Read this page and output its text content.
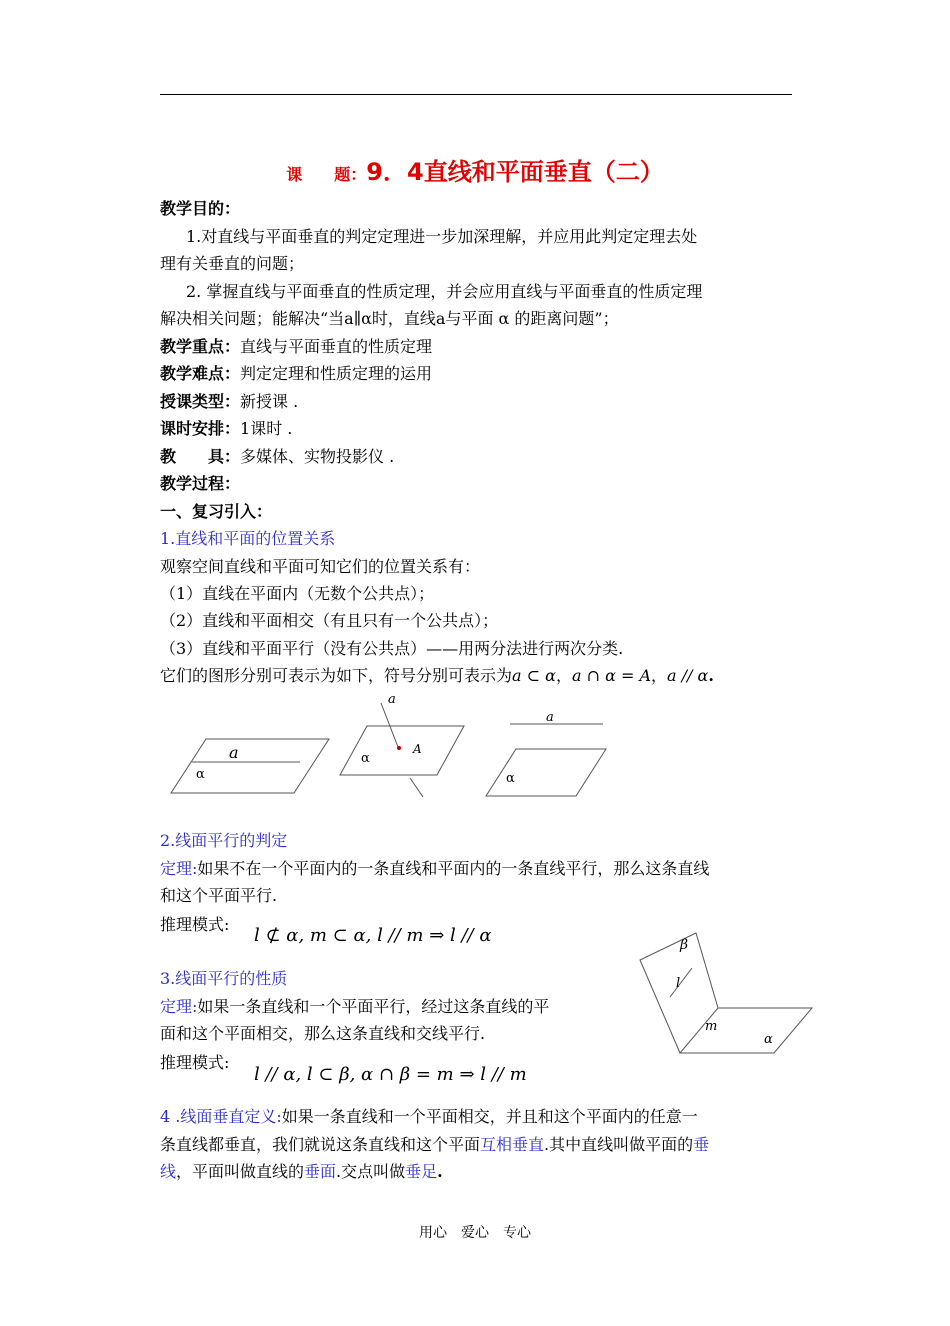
课　　题：9．4直线和平面垂直（二）
教学目的：
1.对直线与平面垂直的判定定理进一步加深理解，并应用此判定定理去处
理有关垂直的问题；
2. 掌握直线与平面垂直的性质定理，并会应用直线与平面垂直的性质定理
解决相关问题；能解决“当a∥α时，直线a与平面 α 的距离问题”；
教学重点：直线与平面垂直的性质定理
教学难点：判定定理和性质定理的运用
授课类型：新授课 .
课时安排：1课时 .
教　　具：多媒体、实物投影仪 .
教学过程：
一、复习引入：
1.直线和平面的位置关系
观察空间直线和平面可知它们的位置关系有：
（1）直线在平面内（无数个公共点）；
（2）直线和平面相交（有且只有一个公共点）；
（3）直线和平面平行（没有公共点）——用两分法进行两次分类.
它们的图形分别可表示为如下，符号分别可表示为a ⊂ α，a ∩ α = A，a // α.
a
α
a
α
A
a
α
β
l
m
α
2.线面平行的判定
定理:如果不在一个平面内的一条直线和平面内的一条直线平行，那么这条直线
和这个平面平行.
推理模式:
l ⊄ α, m ⊂ α, l // m ⇒ l // α
3.线面平行的性质
定理:如果一条直线和一个平面平行，经过这条直线的平
面和这个平面相交，那么这条直线和交线平行.
推理模式:
l // α, l ⊂ β, α ∩ β = m ⇒ l // m
4 .线面垂直定义:如果一条直线和一个平面相交，并且和这个平面内的任意一
条直线都垂直，我们就说这条直线和这个平面互相垂直.其中直线叫做平面的垂
线，平面叫做直线的垂面.交点叫做垂足.
用心　爱心　专心
